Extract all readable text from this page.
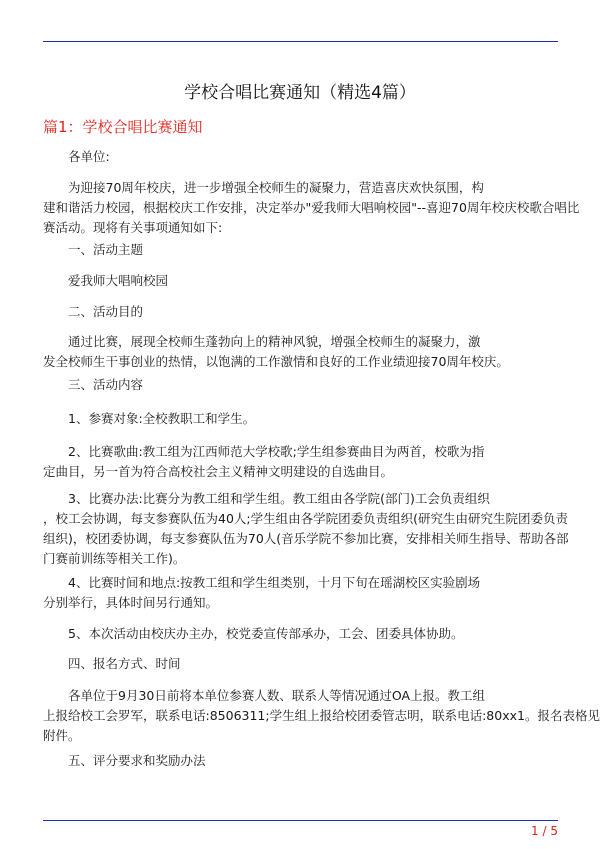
学校合唱比赛通知（精选4篇）
篇1：学校合唱比赛通知
　　各单位:
　　为迎接70周年校庆，进一步增强全校师生的凝聚力，营造喜庆欢快氛围，构
建和谐活力校园，根据校庆工作安排，决定举办"爱我师大唱响校园"--喜迎70周年校庆校歌合唱比
赛活动。现将有关事项通知如下:
　　一、活动主题
　　爱我师大唱响校园
　　二、活动目的
　　通过比赛，展现全校师生蓬勃向上的精神风貌，增强全校师生的凝聚力，激
发全校师生干事创业的热情，以饱满的工作激情和良好的工作业绩迎接70周年校庆。
　　三、活动内容
　　1、参赛对象:全校教职工和学生。
　　2、比赛歌曲:教工组为江西师范大学校歌;学生组参赛曲目为两首，校歌为指
定曲目，另一首为符合高校社会主义精神文明建设的自选曲目。
　　3、比赛办法:比赛分为教工组和学生组。教工组由各学院(部门)工会负责组织
，校工会协调，每支参赛队伍为40人;学生组由各学院团委负责组织(研究生由研究生院团委负责
组织)，校团委协调，每支参赛队伍为70人(音乐学院不参加比赛，安排相关师生指导、帮助各部
门赛前训练等相关工作)。
　　4、比赛时间和地点:按教工组和学生组类别，十月下旬在瑶湖校区实验剧场
分别举行，具体时间另行通知。
　　5、本次活动由校庆办主办，校党委宣传部承办，工会、团委具体协助。
　　四、报名方式、时间
　　各单位于9月30日前将本单位参赛人数、联系人等情况通过OA上报。教工组
上报给校工会罗军，联系电话:8506311;学生组上报给校团委管志明，联系电话:80xx1。报名表格见
附件。
　　五、评分要求和奖励办法
1 / 5
